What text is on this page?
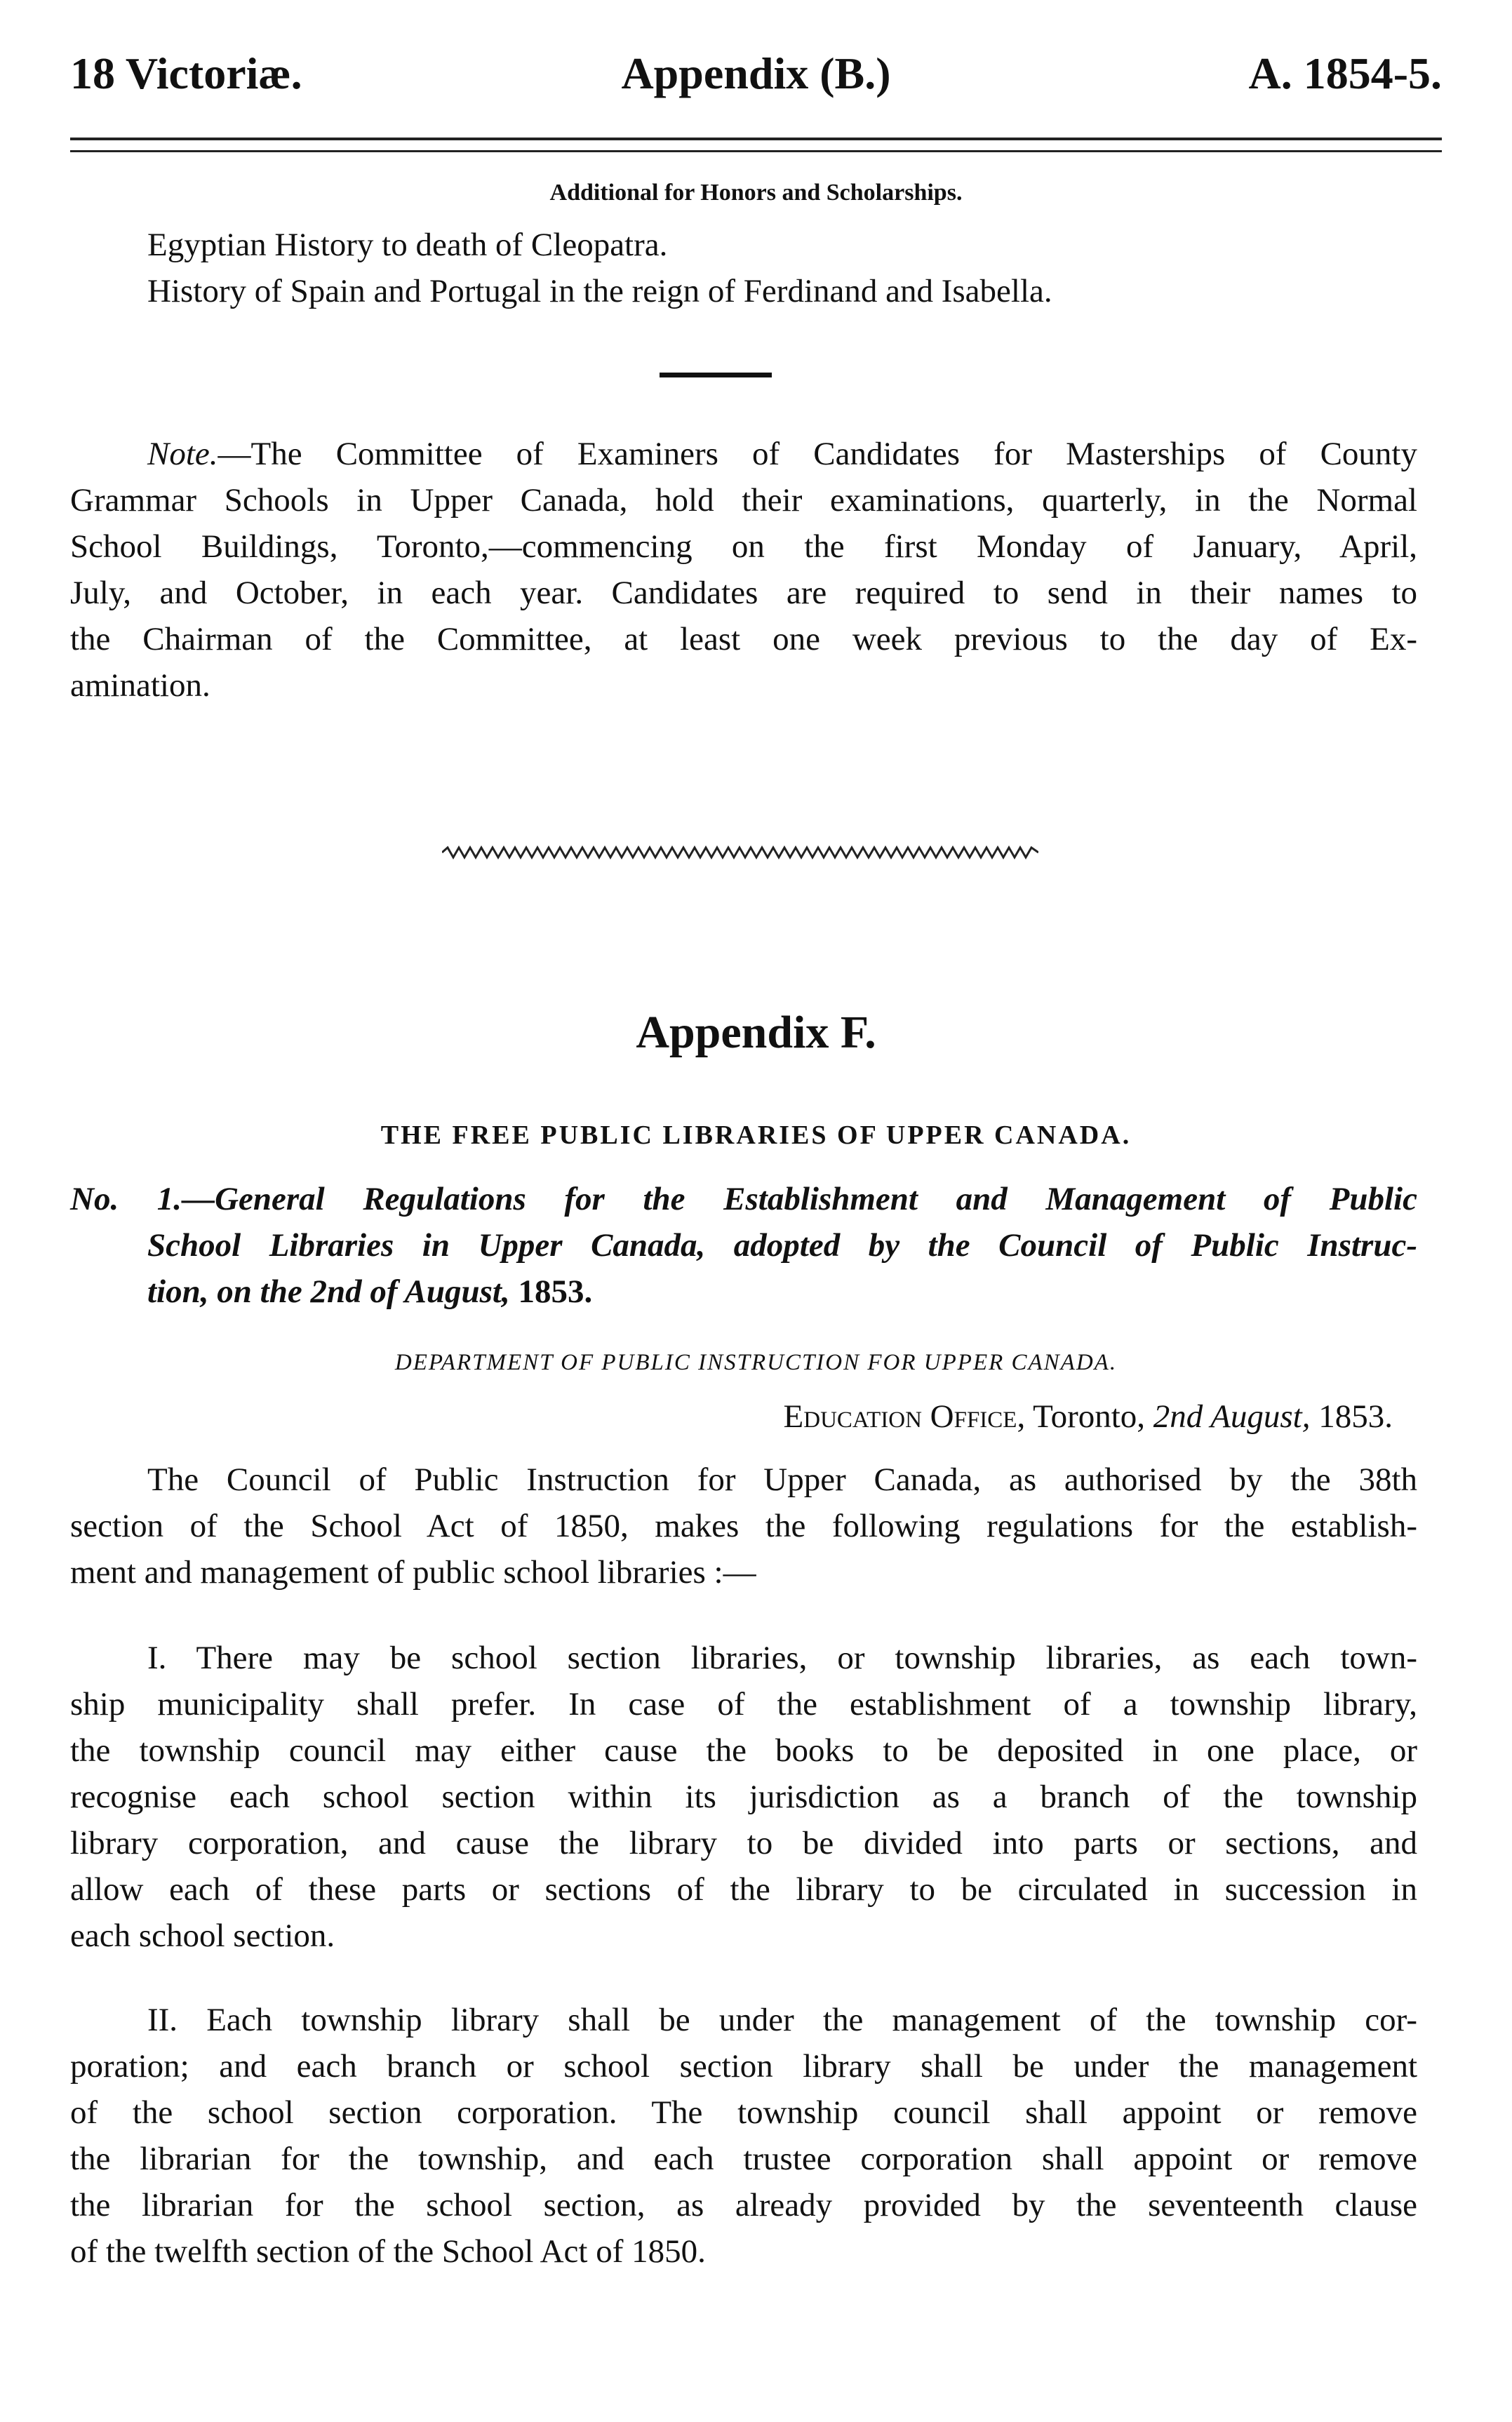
18 Victoriæ.	Appendix (B.)	A. 1854-5.
Additional for Honors and Scholarships.
Egyptian History to death of Cleopatra.
History of Spain and Portugal in the reign of Ferdinand and Isabella.
Note.—The Committee of Examiners of Candidates for Masterships of County
Grammar Schools in Upper Canada, hold their examinations, quarterly, in the Normal
School Buildings, Toronto,—commencing on the first Monday of January, April,
July, and October, in each year. Candidates are required to send in their names to
the Chairman of the Committee, at least one week previous to the day of Ex-
amination.
Appendix F.
THE FREE PUBLIC LIBRARIES OF UPPER CANADA.
No. 1.—General Regulations for the Establishment and Management of Public
School Libraries in Upper Canada, adopted by the Council of Public Instruc-
tion, on the 2nd of August, 1853.
DEPARTMENT OF PUBLIC INSTRUCTION FOR UPPER CANADA.
Education Office, Toronto, 2nd August, 1853.
The Council of Public Instruction for Upper Canada, as authorised by the 38th
section of the School Act of 1850, makes the following regulations for the establish-
ment and management of public school libraries :—
I. There may be school section libraries, or township libraries, as each town-
ship municipality shall prefer. In case of the establishment of a township library,
the township council may either cause the books to be deposited in one place, or
recognise each school section within its jurisdiction as a branch of the township
library corporation, and cause the library to be divided into parts or sections, and
allow each of these parts or sections of the library to be circulated in succession in
each school section.
II. Each township library shall be under the management of the township cor-
poration; and each branch or school section library shall be under the management
of the school section corporation. The township council shall appoint or remove
the librarian for the township, and each trustee corporation shall appoint or remove
the librarian for the school section, as already provided by the seventeenth clause
of the twelfth section of the School Act of 1850.
